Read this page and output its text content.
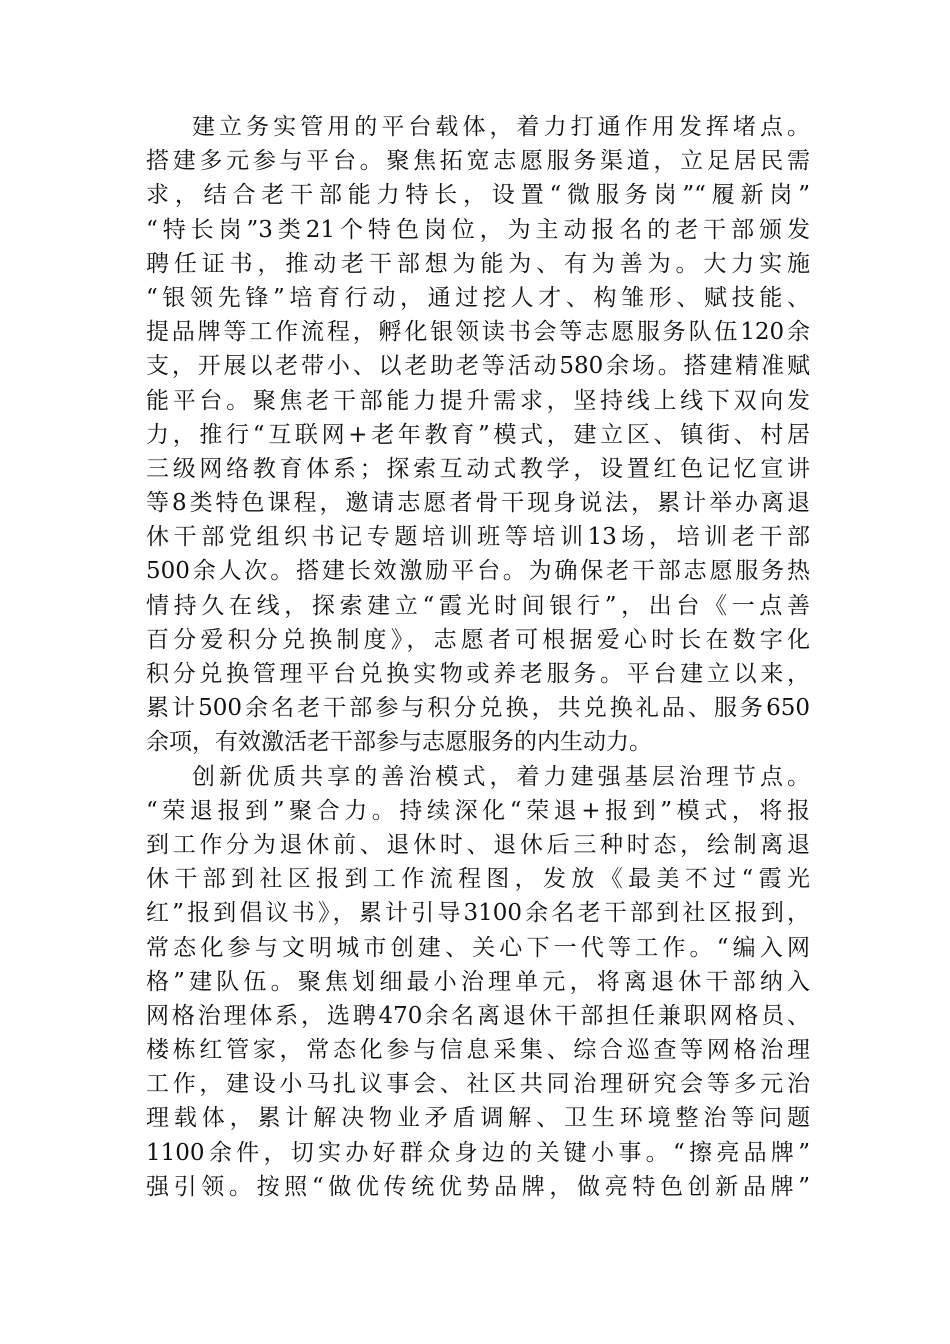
建立务实管用的平台载体，着力打通作用发挥堵点。
搭建多元参与平台。聚焦拓宽志愿服务渠道，立足居民需
求，结合老干部能力特长，设置“微服务岗”“履新岗”
“特长岗”3类21个特色岗位，为主动报名的老干部颁发
聘任证书，推动老干部想为能为、有为善为。大力实施
“银领先锋”培育行动，通过挖人才、构雏形、赋技能、
提品牌等工作流程，孵化银领读书会等志愿服务队伍120余
支，开展以老带小、以老助老等活动580余场。搭建精准赋
能平台。聚焦老干部能力提升需求，坚持线上线下双向发
力，推行“互联网+老年教育”模式，建立区、镇街、村居
三级网络教育体系；探索互动式教学，设置红色记忆宣讲
等8类特色课程，邀请志愿者骨干现身说法，累计举办离退
休干部党组织书记专题培训班等培训13场，培训老干部
500余人次。搭建长效激励平台。为确保老干部志愿服务热
情持久在线，探索建立“霞光时间银行”，出台《一点善
百分爱积分兑换制度》，志愿者可根据爱心时长在数字化
积分兑换管理平台兑换实物或养老服务。平台建立以来，
累计500余名老干部参与积分兑换，共兑换礼品、服务650
余项，有效激活老干部参与志愿服务的内生动力。
创新优质共享的善治模式，着力建强基层治理节点。
“荣退报到”聚合力。持续深化“荣退+报到”模式，将报
到工作分为退休前、退休时、退休后三种时态，绘制离退
休干部到社区报到工作流程图，发放《最美不过“霞光
红”报到倡议书》，累计引导3100余名老干部到社区报到，
常态化参与文明城市创建、关心下一代等工作。“编入网
格”建队伍。聚焦划细最小治理单元，将离退休干部纳入
网格治理体系，选聘470余名离退休干部担任兼职网格员、
楼栋红管家，常态化参与信息采集、综合巡查等网格治理
工作，建设小马扎议事会、社区共同治理研究会等多元治
理载体，累计解决物业矛盾调解、卫生环境整治等问题
1100余件，切实办好群众身边的关键小事。“擦亮品牌”
强引领。按照“做优传统优势品牌，做亮特色创新品牌”
